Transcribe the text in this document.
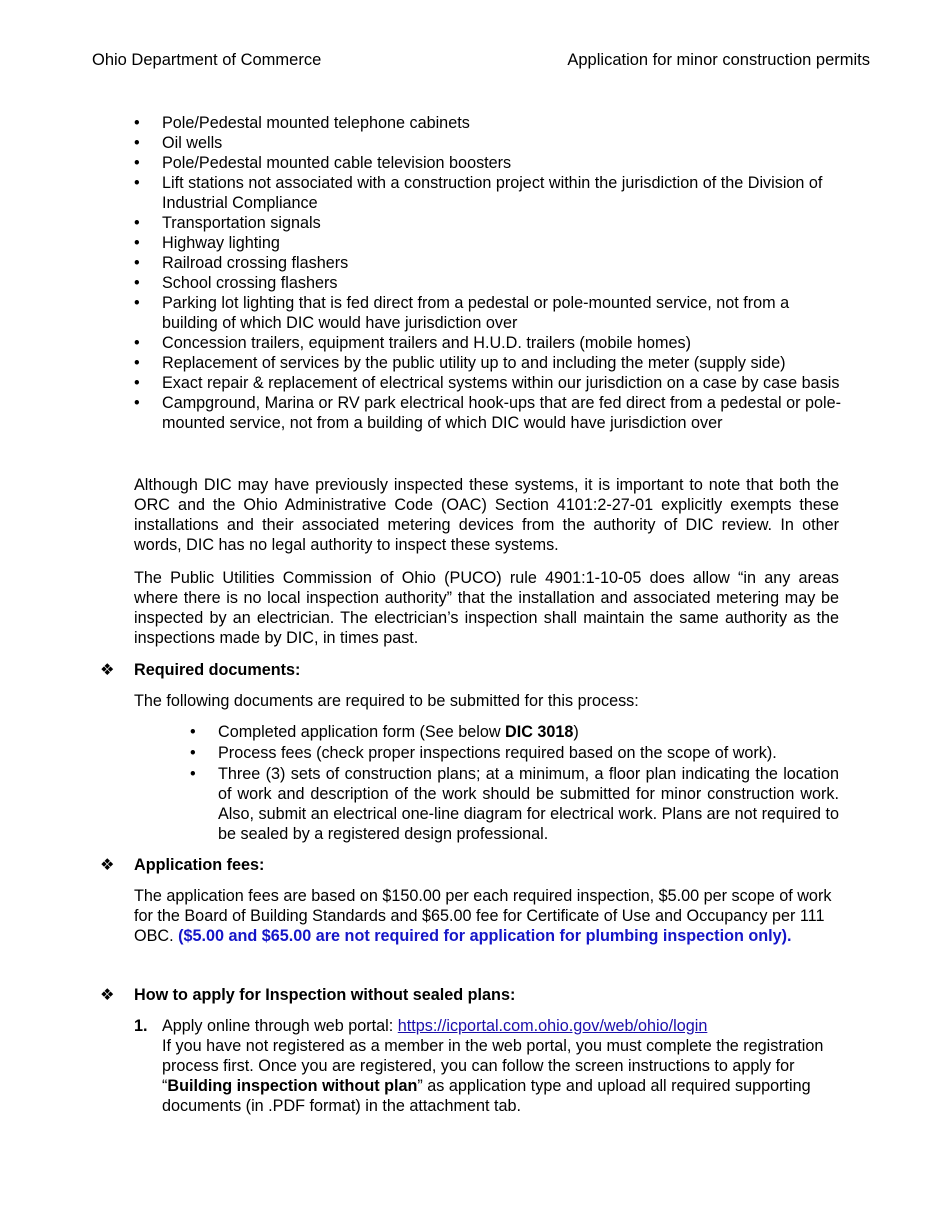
Ohio Department of Commerce	Application for minor construction permits
• Pole/Pedestal mounted telephone cabinets
• Oil wells
• Pole/Pedestal mounted cable television boosters
• Lift stations not associated with a construction project within the jurisdiction of the Division of Industrial Compliance
• Transportation signals
• Highway lighting
• Railroad crossing flashers
• School crossing flashers
• Parking lot lighting that is fed direct from a pedestal or pole-mounted service, not from a building of which DIC would have jurisdiction over
• Concession trailers, equipment trailers and H.U.D. trailers (mobile homes)
• Replacement of services by the public utility up to and including the meter (supply side)
• Exact repair & replacement of electrical systems within our jurisdiction on a case by case basis
• Campground, Marina or RV park electrical hook-ups that are fed direct from a pedestal or pole-mounted service, not from a building of which DIC would have jurisdiction over

Although DIC may have previously inspected these systems, it is important to note that both the ORC and the Ohio Administrative Code (OAC) Section 4101:2-27-01 explicitly exempts these installations and their associated metering devices from the authority of DIC review. In other words, DIC has no legal authority to inspect these systems.

The Public Utilities Commission of Ohio (PUCO) rule 4901:1-10-05 does allow “in any areas where there is no local inspection authority” that the installation and associated metering may be inspected by an electrician. The electrician’s inspection shall maintain the same authority as the inspections made by DIC, in times past.

❖ Required documents:
The following documents are required to be submitted for this process:
• Completed application form (See below DIC 3018)
• Process fees (check proper inspections required based on the scope of work).
• Three (3) sets of construction plans; at a minimum, a floor plan indicating the location of work and description of the work should be submitted for minor construction work. Also, submit an electrical one-line diagram for electrical work. Plans are not required to be sealed by a registered design professional.
❖ Application fees:
The application fees are based on $150.00 per each required inspection, $5.00 per scope of work for the Board of Building Standards and $65.00 fee for Certificate of Use and Occupancy per 111 OBC. ($5.00 and $65.00 are not required for application for plumbing inspection only).
❖ How to apply for Inspection without sealed plans:
1. Apply online through web portal: https://icportal.com.ohio.gov/web/ohio/login
If you have not registered as a member in the web portal, you must complete the registration process first. Once you are registered, you can follow the screen instructions to apply for “Building inspection without plan” as application type and upload all required supporting documents (in .PDF format) in the attachment tab.
